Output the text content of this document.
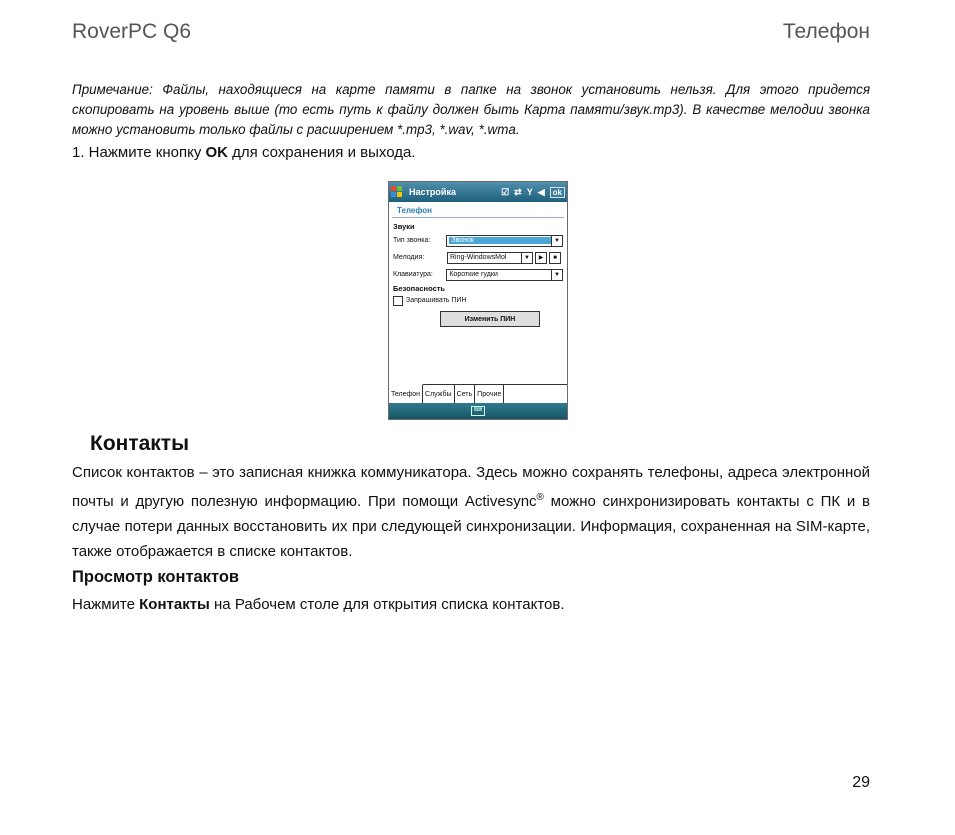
RoverPC Q6	Телефон
Примечание: Файлы, находящиеся на карте памяти в папке на звонок установить нельзя. Для этого придется скопировать на уровень выше (то есть путь к файлу должен быть Карта памяти/звук.mp3). В качестве мелодии звонка можно установить только файлы с расширением *.mp3, *.wav, *.wma.
1. Нажмите кнопку OK для сохранения и выхода.
Настройка	☑ ⇄ Y ◀	ok
Телефон
Звуки
Тип звонка:	Звонок	▼
Мелодия:	Ring-WindowsMol	▼	▶	■
Клавиатура:	Короткие гудки	▼
Безопасность
Запрашивать ПИН
Изменить ПИН
Телефон Службы Сеть Прочие
⌨
Контакты
Список контактов – это записная книжка коммуникатора. Здесь можно сохранять телефоны, адреса электронной почты и другую полезную информацию. При помощи Activesync® можно синхронизировать контакты с ПК и в случае потери данных восстановить их при следующей синхронизации. Информация, сохраненная на SIM-карте, также отображается в списке контактов.
Просмотр контактов
Нажмите Контакты на Рабочем столе для открытия списка контактов.
29
